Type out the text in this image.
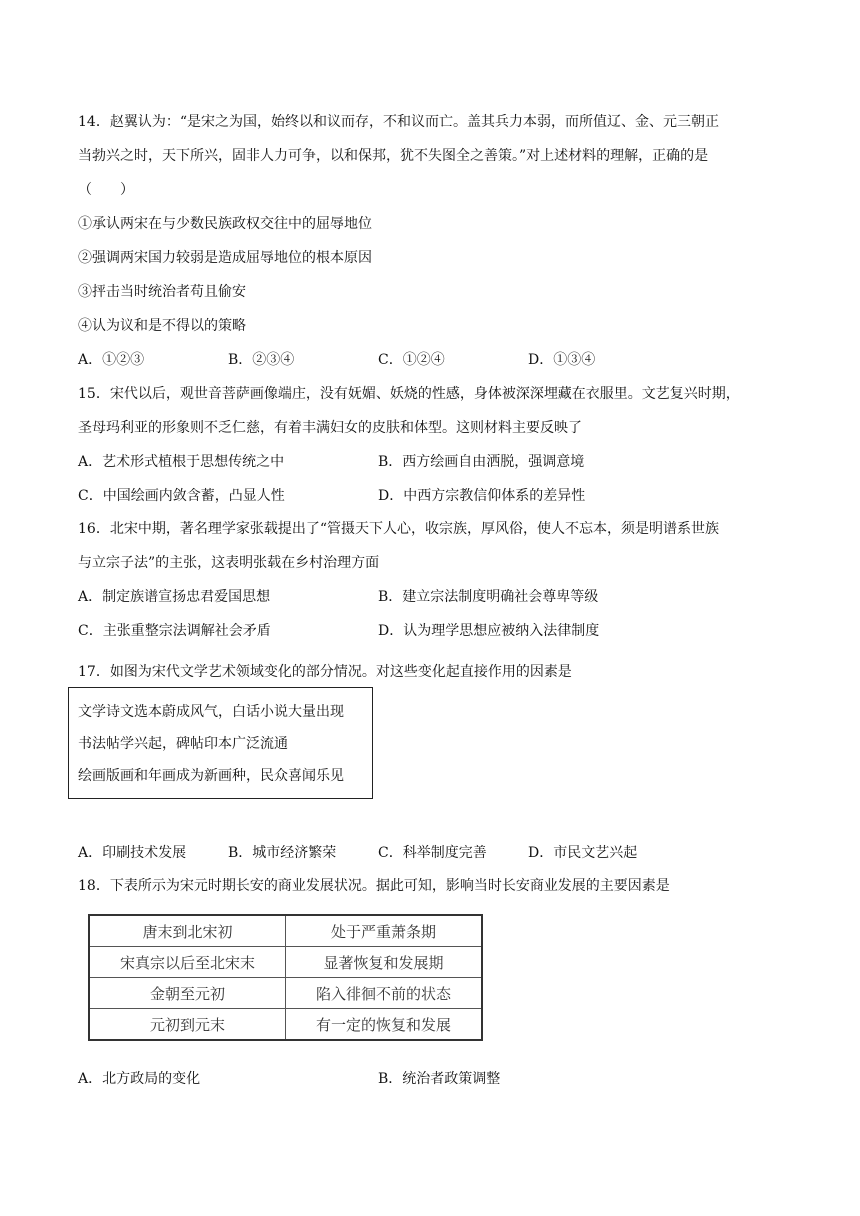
14．赵翼认为：“是宋之为国，始终以和议而存，不和议而亡。盖其兵力本弱，而所值辽、金、元三朝正
当勃兴之时，天下所兴，固非人力可争，以和保邦，犹不失图全之善策。”对上述材料的理解，正确的是
（　　）
①承认两宋在与少数民族政权交往中的屈辱地位
②强调两宋国力较弱是造成屈辱地位的根本原因
③抨击当时统治者苟且偷安
④认为议和是不得以的策略
A．①②③	B．②③④	C．①②④	D．①③④
15．宋代以后，观世音菩萨画像端庄，没有妩媚、妖烧的性感，身体被深深埋藏在衣服里。文艺复兴时期，
圣母玛利亚的形象则不乏仁慈，有着丰满妇女的皮肤和体型。这则材料主要反映了
A．艺术形式植根于思想传统之中	B．西方绘画自由洒脱，强调意境
C．中国绘画内敛含蓄，凸显人性	D．中西方宗教信仰体系的差异性
16．北宋中期，著名理学家张载提出了“管摄天下人心，收宗族，厚风俗，使人不忘本，须是明谱系世族
与立宗子法”的主张，这表明张载在乡村治理方面
A．制定族谱宣扬忠君爱国思想	B．建立宗法制度明确社会尊卑等级
C．主张重整宗法调解社会矛盾	D．认为理学思想应被纳入法律制度
17．如图为宋代文学艺术领域变化的部分情况。对这些变化起直接作用的因素是
文学诗文选本蔚成风气，白话小说大量出现
书法帖学兴起，碑帖印本广泛流通
绘画版画和年画成为新画种，民众喜闻乐见
A．印刷技术发展	B．城市经济繁荣	C．科举制度完善	D．市民文艺兴起
18．下表所示为宋元时期长安的商业发展状况。据此可知，影响当时长安商业发展的主要因素是
唐末到北宋初	处于严重萧条期
宋真宗以后至北宋末	显著恢复和发展期
金朝至元初	陷入徘徊不前的状态
元初到元末	有一定的恢复和发展
A．北方政局的变化	B．统治者政策调整
